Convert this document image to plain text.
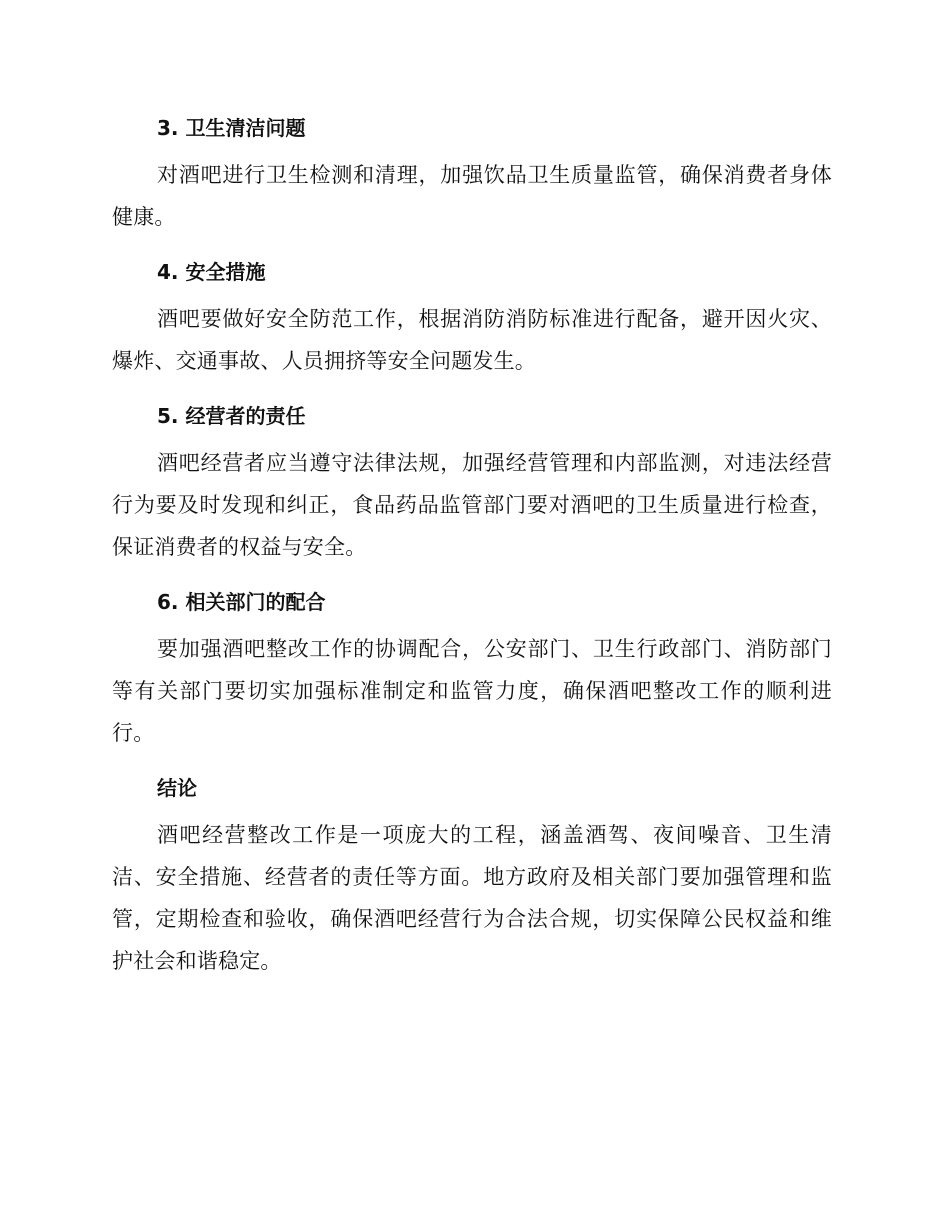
3. 卫生清洁问题

对酒吧进行卫生检测和清理，加强饮品卫生质量监管，确保消费者身体健康。

4. 安全措施

酒吧要做好安全防范工作，根据消防消防标准进行配备，避开因火灾、爆炸、交通事故、人员拥挤等安全问题发生。

5. 经营者的责任

酒吧经营者应当遵守法律法规，加强经营管理和内部监测，对违法经营行为要及时发现和纠正，食品药品监管部门要对酒吧的卫生质量进行检查，保证消费者的权益与安全。

6. 相关部门的配合

要加强酒吧整改工作的协调配合，公安部门、卫生行政部门、消防部门等有关部门要切实加强标准制定和监管力度，确保酒吧整改工作的顺利进行。

结论

酒吧经营整改工作是一项庞大的工程，涵盖酒驾、夜间噪音、卫生清洁、安全措施、经营者的责任等方面。地方政府及相关部门要加强管理和监管，定期检查和验收，确保酒吧经营行为合法合规，切实保障公民权益和维护社会和谐稳定。
